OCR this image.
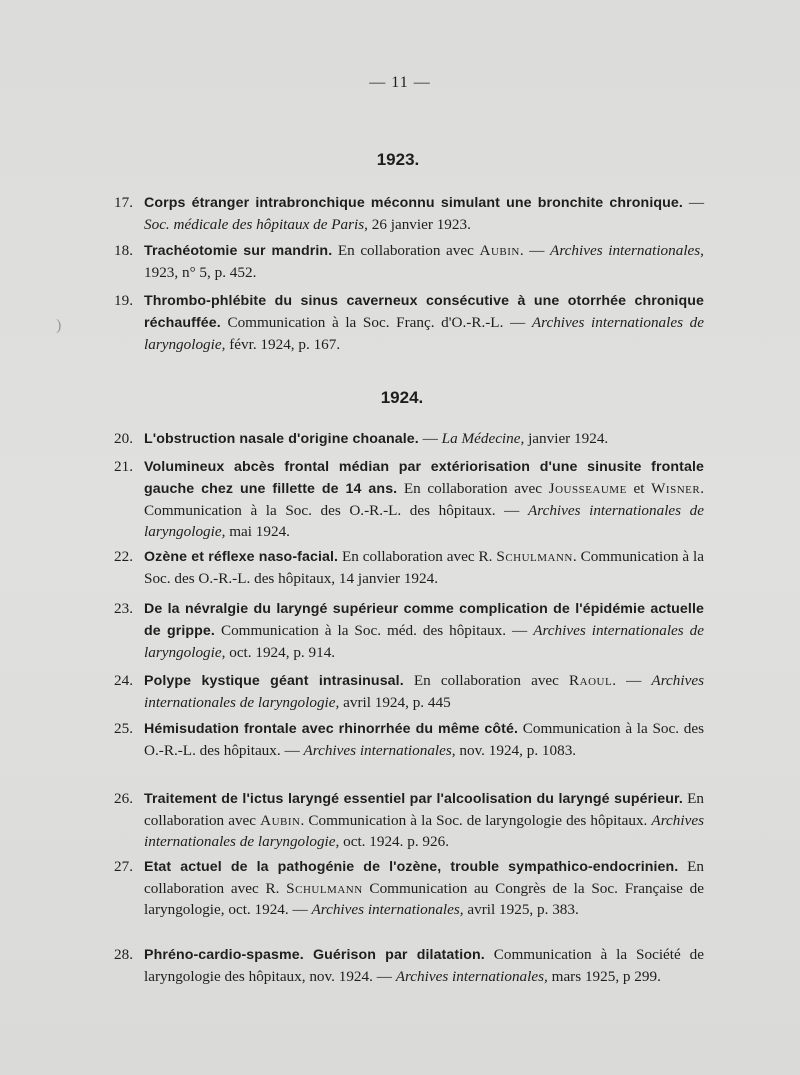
— 11 —
)
1923.
17. Corps étranger intrabronchique méconnu simulant une bronchite chronique. — Soc. médicale des hôpitaux de Paris, 26 janvier 1923.
18. Trachéotomie sur mandrin. En collaboration avec Aubin. — Archives internationales, 1923, n° 5, p. 452.
19. Thrombo-phlébite du sinus caverneux consécutive à une otorrhée chronique réchauffée. Communication à la Soc. Franç. d'O.-R.-L. — Archives internationales de laryngologie, févr. 1924, p. 167.
1924.
20. L'obstruction nasale d'origine choanale. — La Médecine, janvier 1924.
21. Volumineux abcès frontal médian par extériorisation d'une sinusite frontale gauche chez une fillette de 14 ans. En collaboration avec Jousseaume et Wisner. Communication à la Soc. des O.-R.-L. des hôpitaux. — Archives internationales de laryngologie, mai 1924.
22. Ozène et réflexe naso-facial. En collaboration avec R. Schulmann. Communication à la Soc. des O.-R.-L. des hôpitaux, 14 janvier 1924.
23. De la névralgie du laryngé supérieur comme complication de l'épidémie actuelle de grippe. Communication à la Soc. méd. des hôpitaux. — Archives internationales de laryngologie, oct. 1924, p. 914.
24. Polype kystique géant intrasinusal. En collaboration avec Raoul. — Archives internationales de laryngologie, avril 1924, p. 445
25. Hémisudation frontale avec rhinorrhée du même côté. Communication à la Soc. des O.-R.-L. des hôpitaux. — Archives internationales, nov. 1924, p. 1083.
26. Traitement de l'ictus laryngé essentiel par l'alcoolisation du laryngé supérieur. En collaboration avec Aubin. Communication à la Soc. de laryngologie des hôpitaux. Archives internationales de laryngologie, oct. 1924. p. 926.
27. Etat actuel de la pathogénie de l'ozène, trouble sympathico-endocrinien. En collaboration avec R. Schulmann Communication au Congrès de la Soc. Française de laryngologie, oct. 1924. — Archives internationales, avril 1925, p. 383.
28. Phréno-cardio-spasme. Guérison par dilatation. Communication à la Société de laryngologie des hôpitaux, nov. 1924. — Archives internationales, mars 1925, p 299.
